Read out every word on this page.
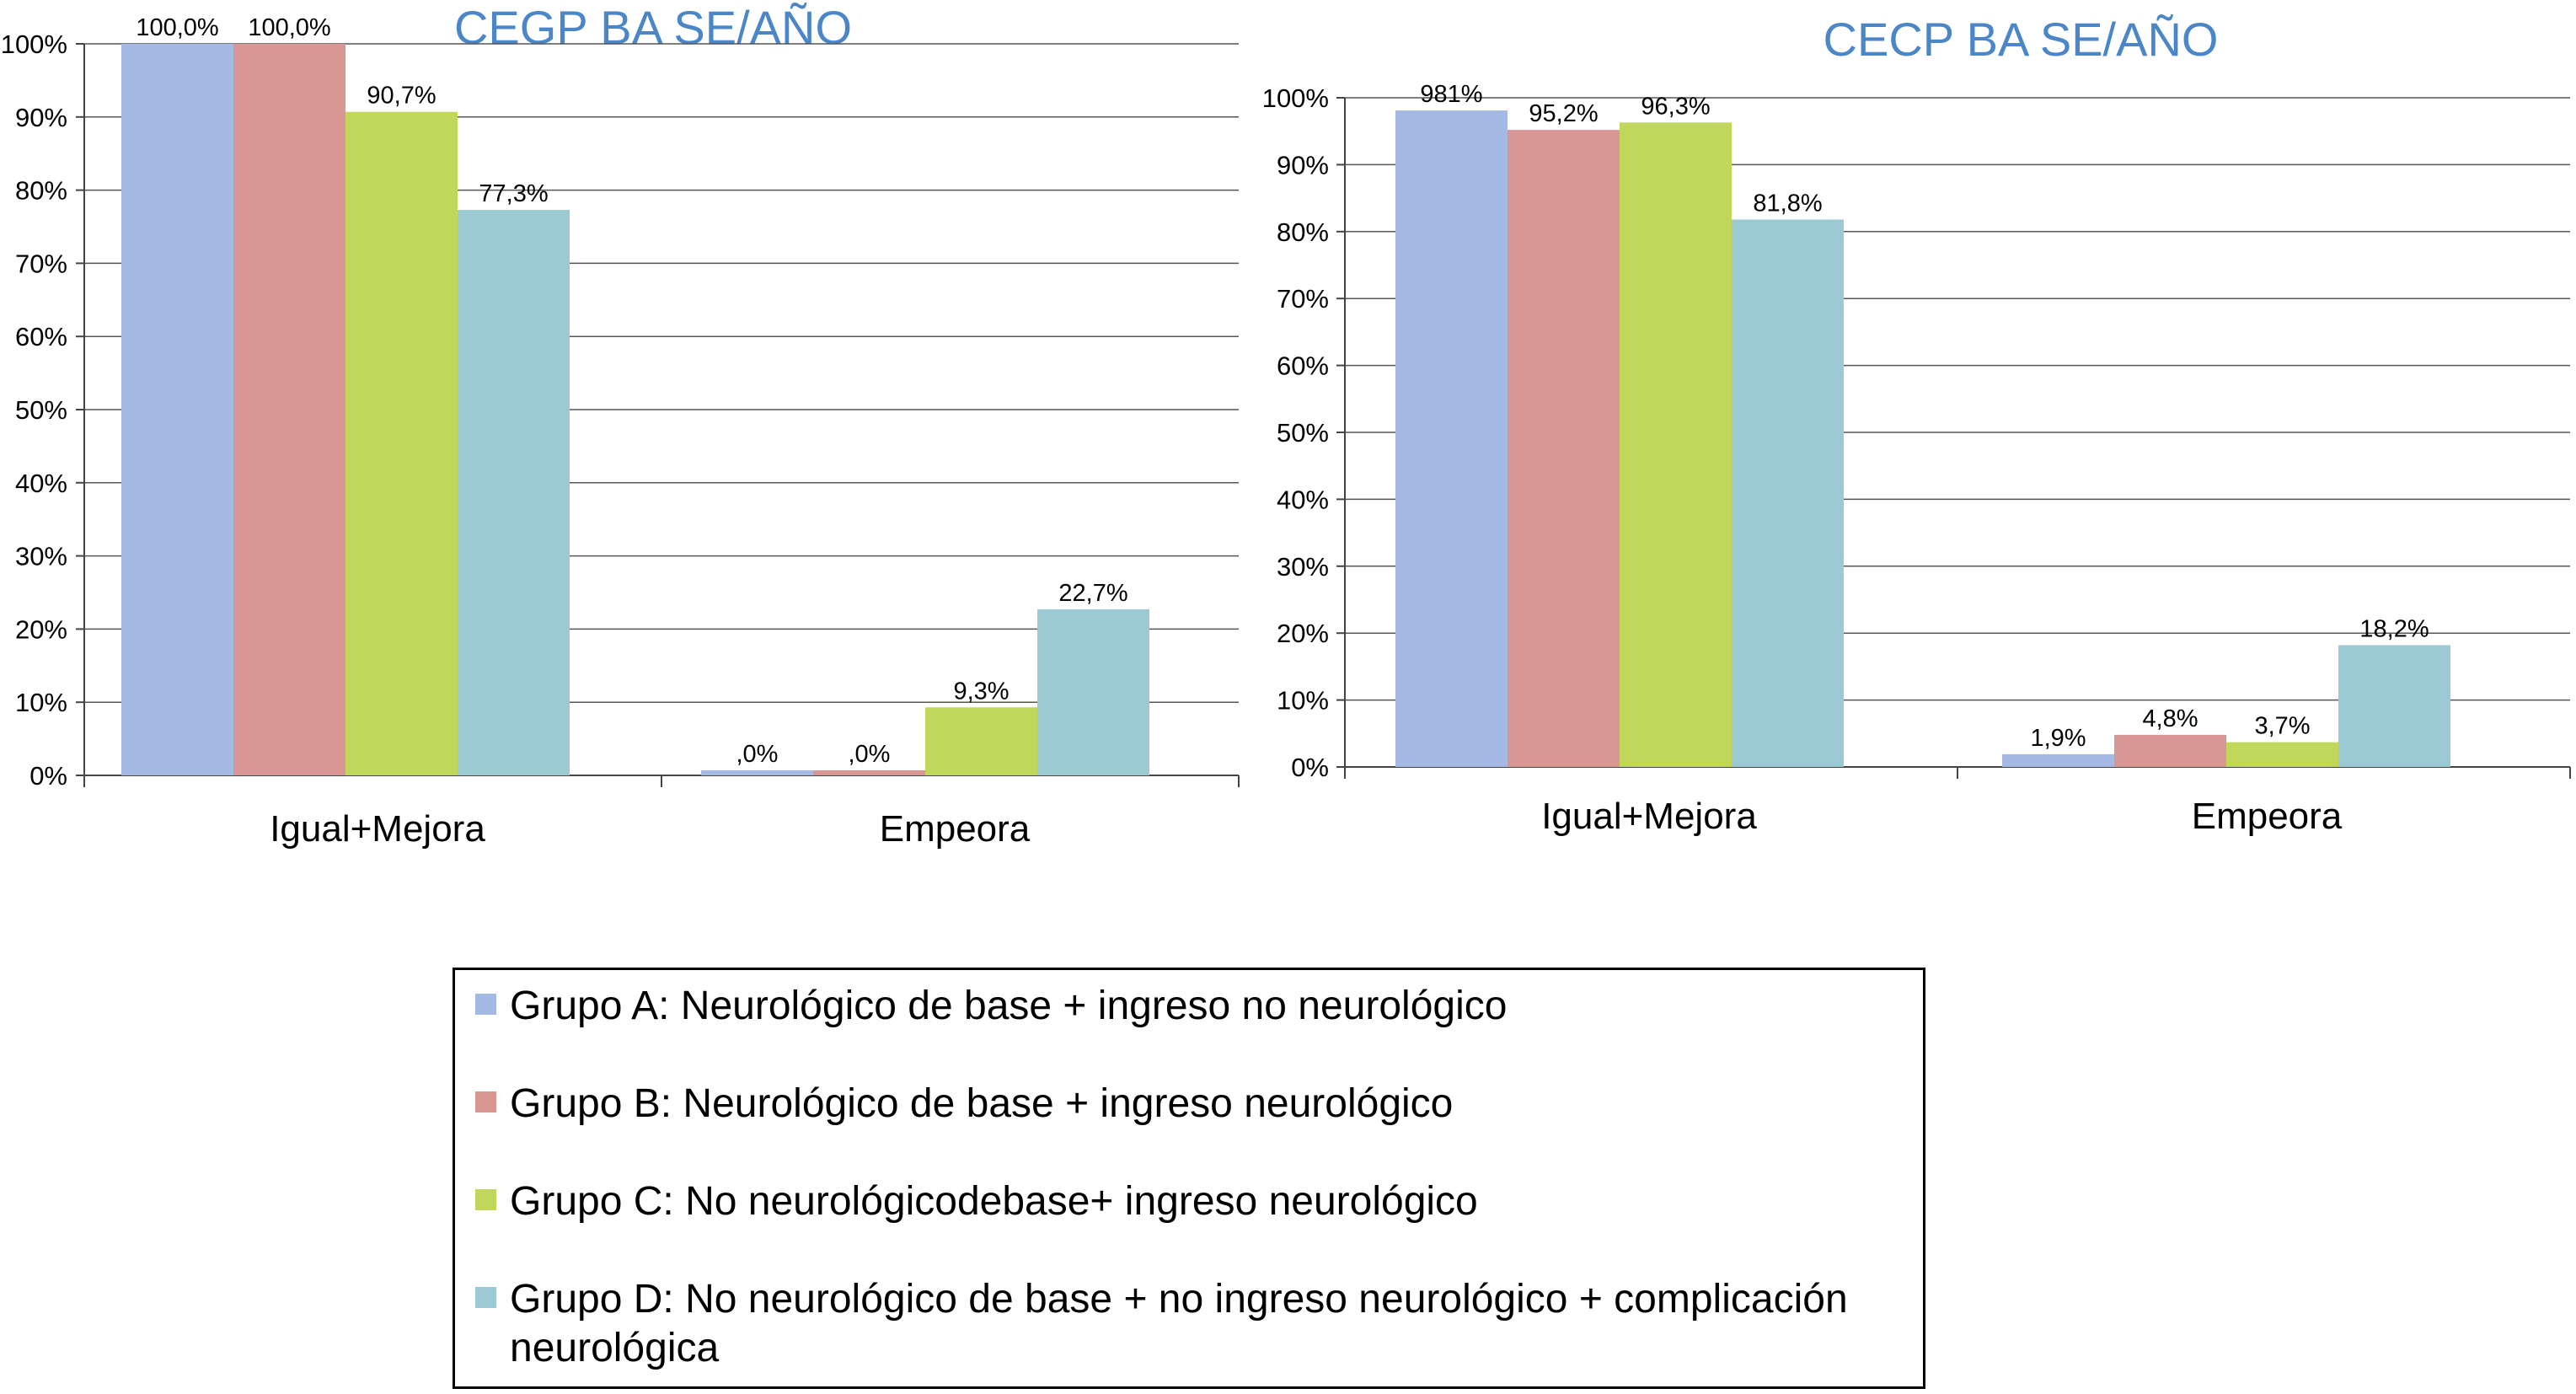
CEGP BA SE/AÑO
0%
10%
20%
30%
40%
50%
60%
70%
80%
90%
100%
100,0%
,0%
100,0%
,0%
90,7%
9,3%
77,3%
22,7%
Igual+Mejora	Empeora
CECP BA SE/AÑO
0%
10%
20%
30%
40%
50%
60%
70%
80%
90%
100%	981%
1,9%
95,2%
4,8%
96,3%
3,7%
81,8%
18,2%
Igual+Mejora	Empeora
Grupo A: Neurológico de base + ingreso no neurológico
Grupo B: Neurológico de base + ingreso neurológico
Grupo C: No neurológicodebase+ ingreso neurológico
Grupo D: No neurológico de base + no ingreso neurológico + complicación neurológica
